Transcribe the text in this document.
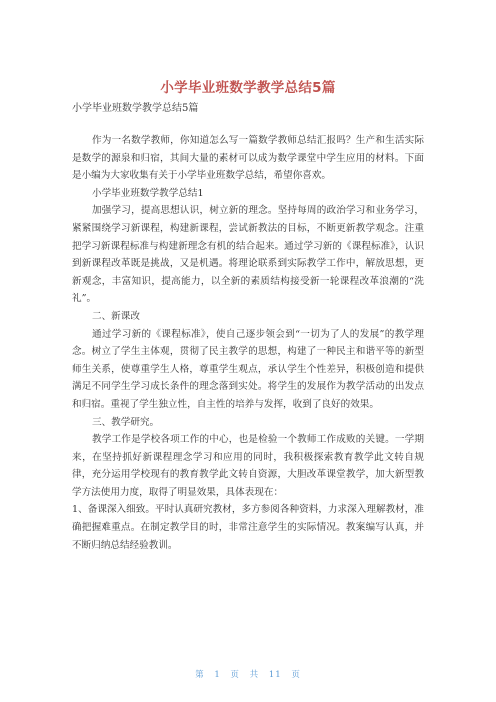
小学毕业班数学教学总结5篇
小学毕业班数学教学总结5篇

作为一名数学教师，你知道怎么写一篇数学教师总结汇报吗？生产和生活实际是数学的源泉和归宿，其间大量的素材可以成为数学课堂中学生应用的材料。下面是小编为大家收集有关于小学毕业班数学总结，希望你喜欢。

小学毕业班数学教学总结1

加强学习，提高思想认识，树立新的理念。坚持每周的政治学习和业务学习，紧紧围绕学习新课程，构建新课程，尝试新教法的目标，不断更新教学观念。注重把学习新课程标准与构建新理念有机的结合起来。通过学习新的《课程标准》，认识到新课程改革既是挑战，又是机遇。将理论联系到实际教学工作中，解放思想，更新观念，丰富知识，提高能力，以全新的素质结构接受新一轮课程改革浪潮的“洗礼”。

二、新课改

通过学习新的《课程标准》，使自己逐步领会到“一切为了人的发展”的教学理念。树立了学生主体观，贯彻了民主教学的思想，构建了一种民主和谐平等的新型师生关系，使尊重学生人格，尊重学生观点，承认学生个性差异，积极创造和提供满足不同学生学习成长条件的理念落到实处。将学生的发展作为教学活动的出发点和归宿。重视了学生独立性，自主性的培养与发挥，收到了良好的效果。

三、教学研究。

教学工作是学校各项工作的中心，也是检验一个教师工作成败的关键。一学期来，在坚持抓好新课程理念学习和应用的同时，我积极探索教育教学此文转自规律，充分运用学校现有的教育教学此文转自资源，大胆改革课堂教学，加大新型教学方法使用力度，取得了明显效果，具体表现在：

1、备课深入细致。平时认真研究教材，多方参阅各种资料，力求深入理解教材，准确把握难重点。在制定教学目的时，非常注意学生的实际情况。教案编写认真，并不断归纳总结经验教训。

第 1 页 共 11 页
